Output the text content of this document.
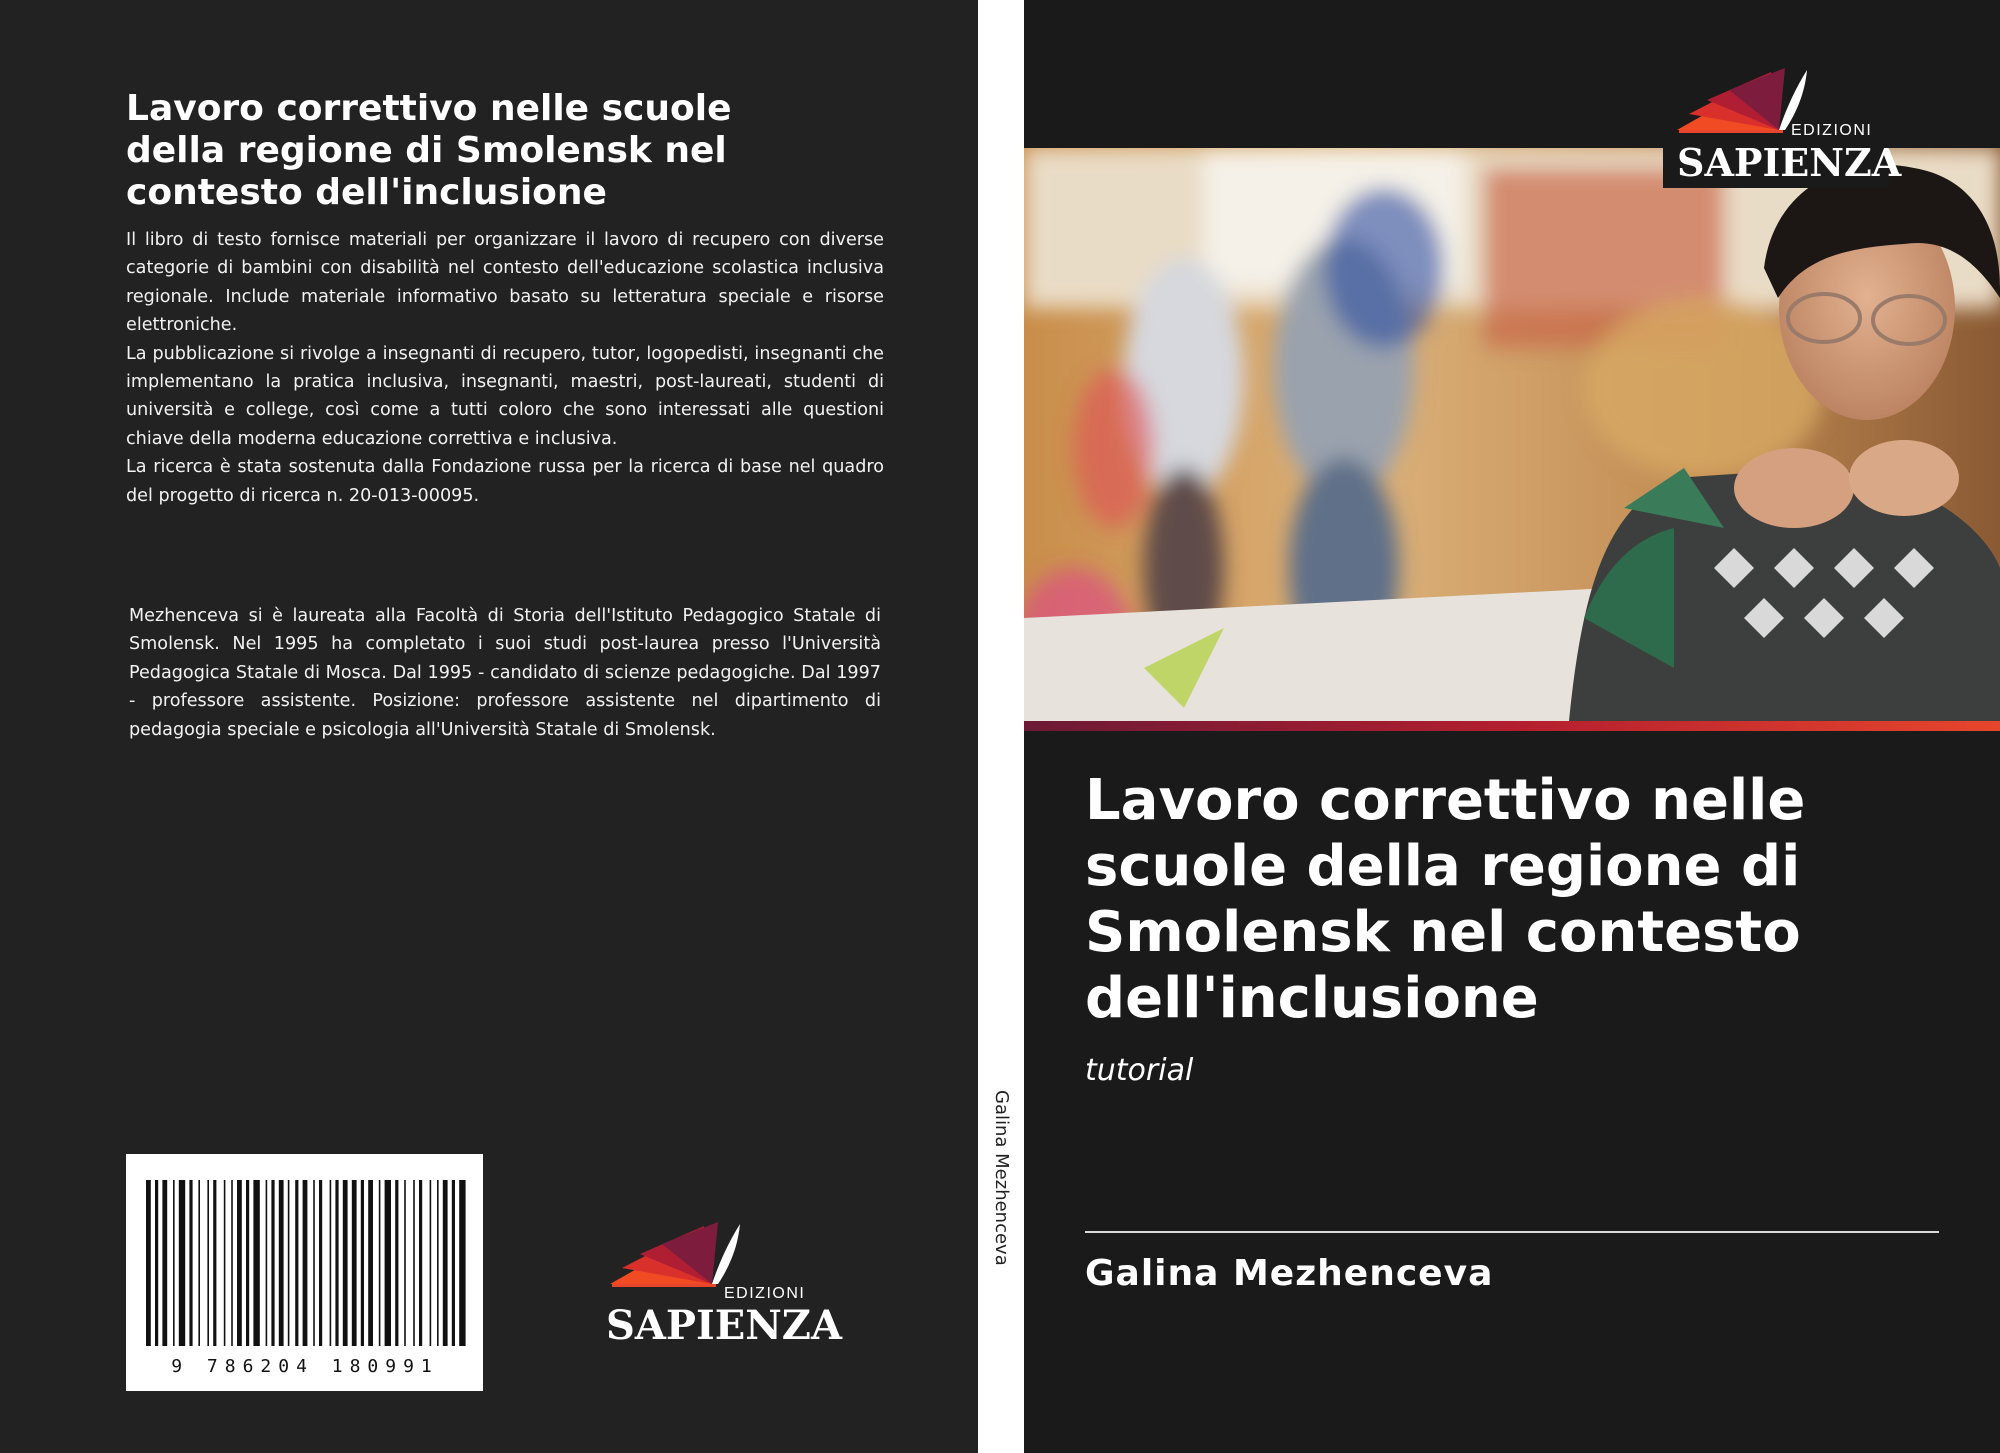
Lavoro correttivo nelle scuole della regione di Smolensk nel contesto dell'inclusione

Il libro di testo fornisce materiali per organizzare il lavoro di recupero con diverse categorie di bambini con disabilità nel contesto dell'educazione scolastica inclusiva regionale. Include materiale informativo basato su letteratura speciale e risorse elettroniche.

La pubblicazione si rivolge a insegnanti di recupero, tutor, logopedisti, insegnanti che implementano la pratica inclusiva, insegnanti, maestri, post-laureati, studenti di università e college, così come a tutti coloro che sono interessati alle questioni chiave della moderna educazione correttiva e inclusiva.

La ricerca è stata sostenuta dalla Fondazione russa per la ricerca di base nel quadro del progetto di ricerca n. 20-013-00095.

Mezhenceva si è laureata alla Facoltà di Storia dell'Istituto Pedagogico Statale di Smolensk. Nel 1995 ha completato i suoi studi post-laurea presso l'Università Pedagogica Statale di Mosca. Dal 1995 - candidato di scienze pedagogiche. Dal 1997 - professore assistente. Posizione: professore assistente nel dipartimento di pedagogia speciale e psicologia all'Università Statale di Smolensk.

9 786204 180991
EDIZIONI
SAPIENZA
Galina Mezhenceva
EDIZIONI
SAPIENZA
Lavoro correttivo nelle scuole della regione di Smolensk nel contesto dell'inclusione
tutorial
Galina Mezhenceva
